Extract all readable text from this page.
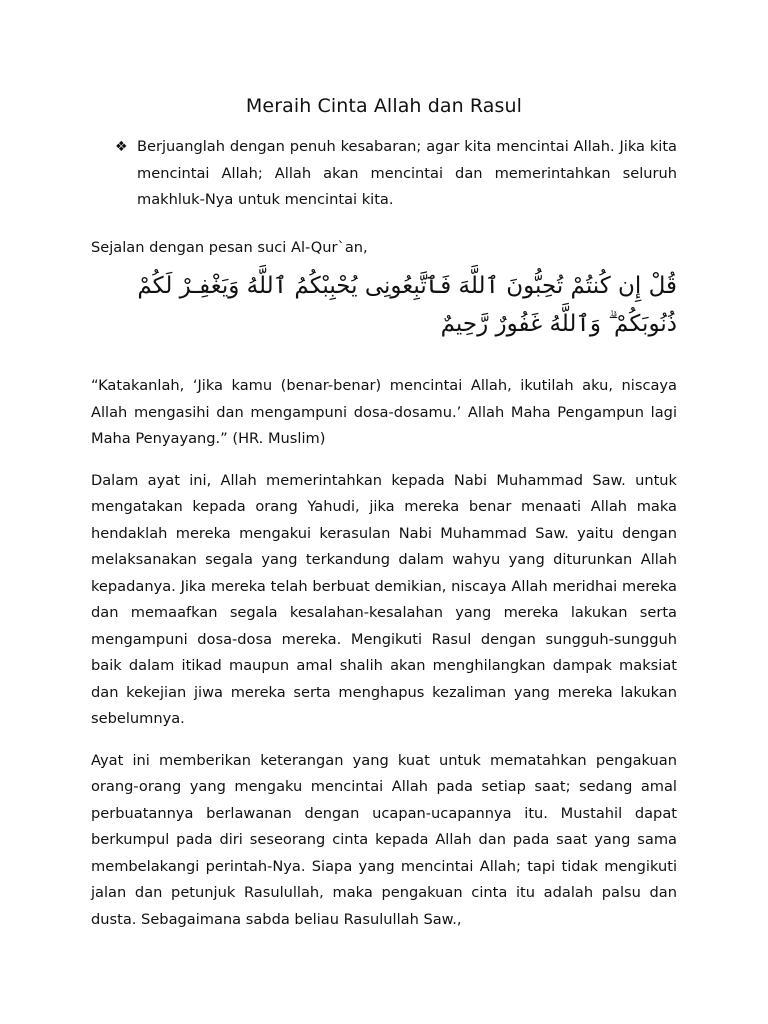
Meraih Cinta Allah dan Rasul
❖ Berjuanglah dengan penuh kesabaran; agar kita mencintai Allah. Jika kita mencintai Allah; Allah akan mencintai dan memerintahkan seluruh makhluk-Nya untuk mencintai kita.

Sejalan dengan pesan suci Al-Qur`an,

قُلْ إِن كُنتُمْ تُحِبُّونَ ٱللَّهَ فَٱتَّبِعُونِى يُحْبِبْكُمُ ٱللَّهُ وَيَغْفِـرْ لَكُمْ
ذُنُوبَكُمْ ۗ وَٱللَّهُ غَفُورٌ رَّحِيمٌ

“Katakanlah, ‘Jika kamu (benar-benar) mencintai Allah, ikutilah aku, niscaya Allah mengasihi dan mengampuni dosa-dosamu.’ Allah Maha Pengampun lagi Maha Penyayang.” (HR. Muslim)

Dalam ayat ini, Allah memerintahkan kepada Nabi Muhammad Saw. untuk mengatakan kepada orang Yahudi, jika mereka benar menaati Allah maka hendaklah mereka mengakui kerasulan Nabi Muhammad Saw. yaitu dengan melaksanakan segala yang terkandung dalam wahyu yang diturunkan Allah kepadanya. Jika mereka telah berbuat demikian, niscaya Allah meridhai mereka dan memaafkan segala kesalahan-kesalahan yang mereka lakukan serta mengampuni dosa-dosa mereka. Mengikuti Rasul dengan sungguh-sungguh baik dalam itikad maupun amal shalih akan menghilangkan dampak maksiat dan kekejian jiwa mereka serta menghapus kezaliman yang mereka lakukan sebelumnya.

Ayat ini memberikan keterangan yang kuat untuk mematahkan pengakuan orang-orang yang mengaku mencintai Allah pada setiap saat; sedang amal perbuatannya berlawanan dengan ucapan-ucapannya itu. Mustahil dapat berkumpul pada diri seseorang cinta kepada Allah dan pada saat yang sama membelakangi perintah-Nya. Siapa yang mencintai Allah; tapi tidak mengikuti jalan dan petunjuk Rasulullah, maka pengakuan cinta itu adalah palsu dan dusta. Sebagaimana sabda beliau Rasulullah Saw.,
